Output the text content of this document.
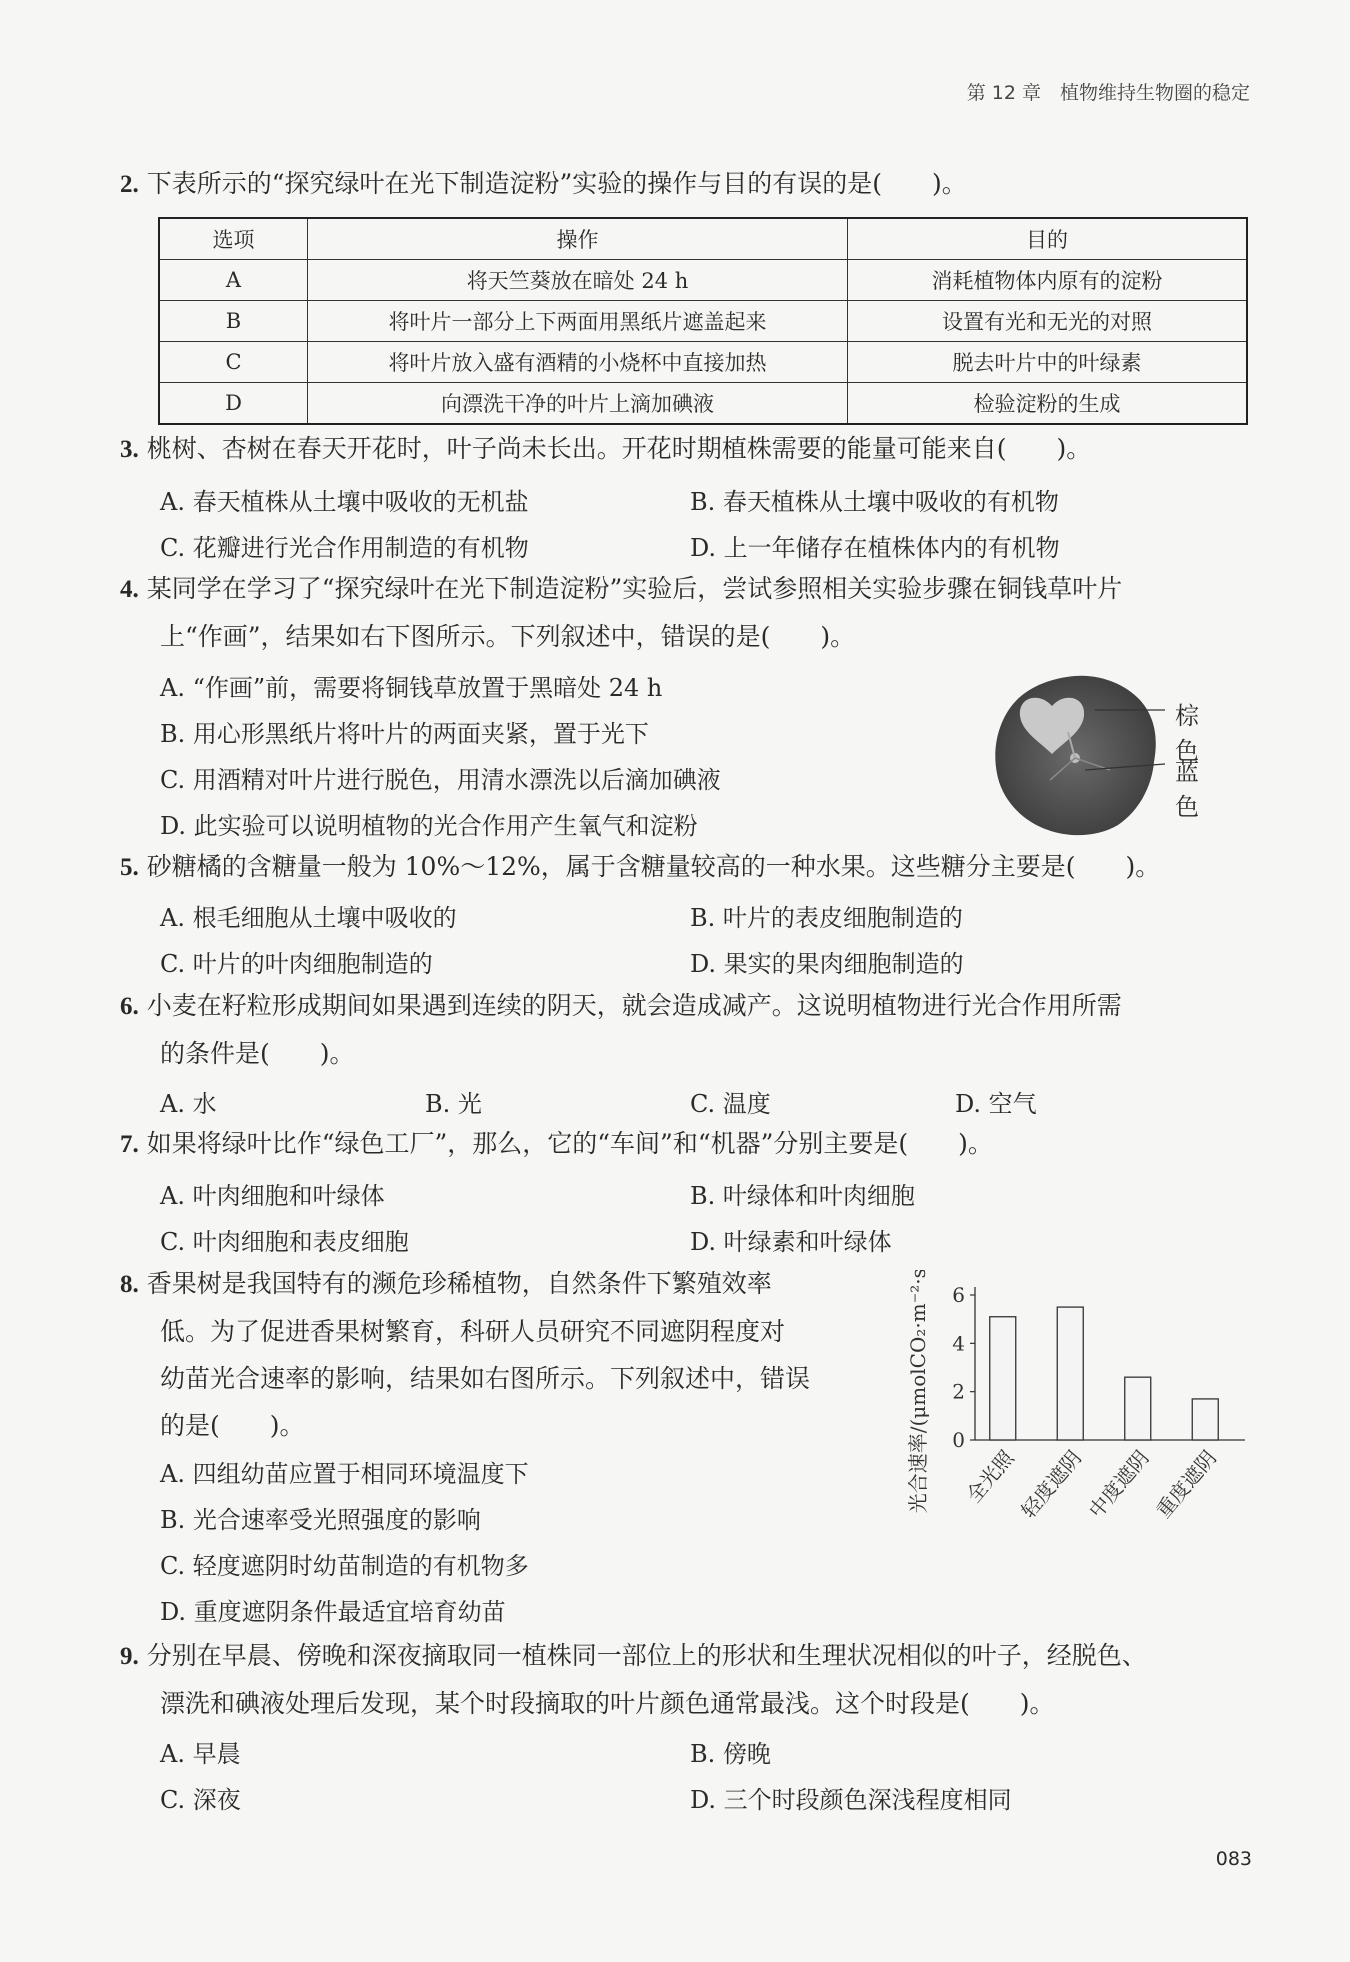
第 12 章　植物维持生物圈的稳定
2. 下表所示的“探究绿叶在光下制造淀粉”实验的操作与目的有误的是(　　)。
选项	操作	目的
A	将天竺葵放在暗处 24 h	消耗植物体内原有的淀粉
B	将叶片一部分上下两面用黑纸片遮盖起来	设置有光和无光的对照
C	将叶片放入盛有酒精的小烧杯中直接加热	脱去叶片中的叶绿素
D	向漂洗干净的叶片上滴加碘液	检验淀粉的生成
3. 桃树、杏树在春天开花时，叶子尚未长出。开花时期植株需要的能量可能来自(　　)。
A. 春天植株从土壤中吸收的无机盐	B. 春天植株从土壤中吸收的有机物
C. 花瓣进行光合作用制造的有机物	D. 上一年储存在植株体内的有机物
4. 某同学在学习了“探究绿叶在光下制造淀粉”实验后，尝试参照相关实验步骤在铜钱草叶片
上“作画”，结果如右下图所示。下列叙述中，错误的是(　　)。
A. “作画”前，需要将铜钱草放置于黑暗处 24 h
B. 用心形黑纸片将叶片的两面夹紧，置于光下
C. 用酒精对叶片进行脱色，用清水漂洗以后滴加碘液
D. 此实验可以说明植物的光合作用产生氧气和淀粉
棕色
蓝色
5. 砂糖橘的含糖量一般为 10%～12%，属于含糖量较高的一种水果。这些糖分主要是(　　)。
A. 根毛细胞从土壤中吸收的	B. 叶片的表皮细胞制造的
C. 叶片的叶肉细胞制造的	D. 果实的果肉细胞制造的
6. 小麦在籽粒形成期间如果遇到连续的阴天，就会造成减产。这说明植物进行光合作用所需
的条件是(　　)。
A. 水	B. 光	C. 温度	D. 空气
7. 如果将绿叶比作“绿色工厂”，那么，它的“车间”和“机器”分别主要是(　　)。
A. 叶肉细胞和叶绿体	B. 叶绿体和叶肉细胞
C. 叶肉细胞和表皮细胞	D. 叶绿素和叶绿体
8. 香果树是我国特有的濒危珍稀植物，自然条件下繁殖效率
低。为了促进香果树繁育，科研人员研究不同遮阴程度对
幼苗光合速率的影响，结果如右图所示。下列叙述中，错误
的是(　　)。
A. 四组幼苗应置于相同环境温度下
B. 光合速率受光照强度的影响
C. 轻度遮阴时幼苗制造的有机物多
D. 重度遮阴条件最适宜培育幼苗
0
2
4
6
全光照
轻度遮阴
中度遮阴
重度遮阴
光合速率/(μmolCO₂·m⁻²·s⁻¹)
9. 分别在早晨、傍晚和深夜摘取同一植株同一部位上的形状和生理状况相似的叶子，经脱色、
漂洗和碘液处理后发现，某个时段摘取的叶片颜色通常最浅。这个时段是(　　)。
A. 早晨	B. 傍晚
C. 深夜	D. 三个时段颜色深浅程度相同
083
